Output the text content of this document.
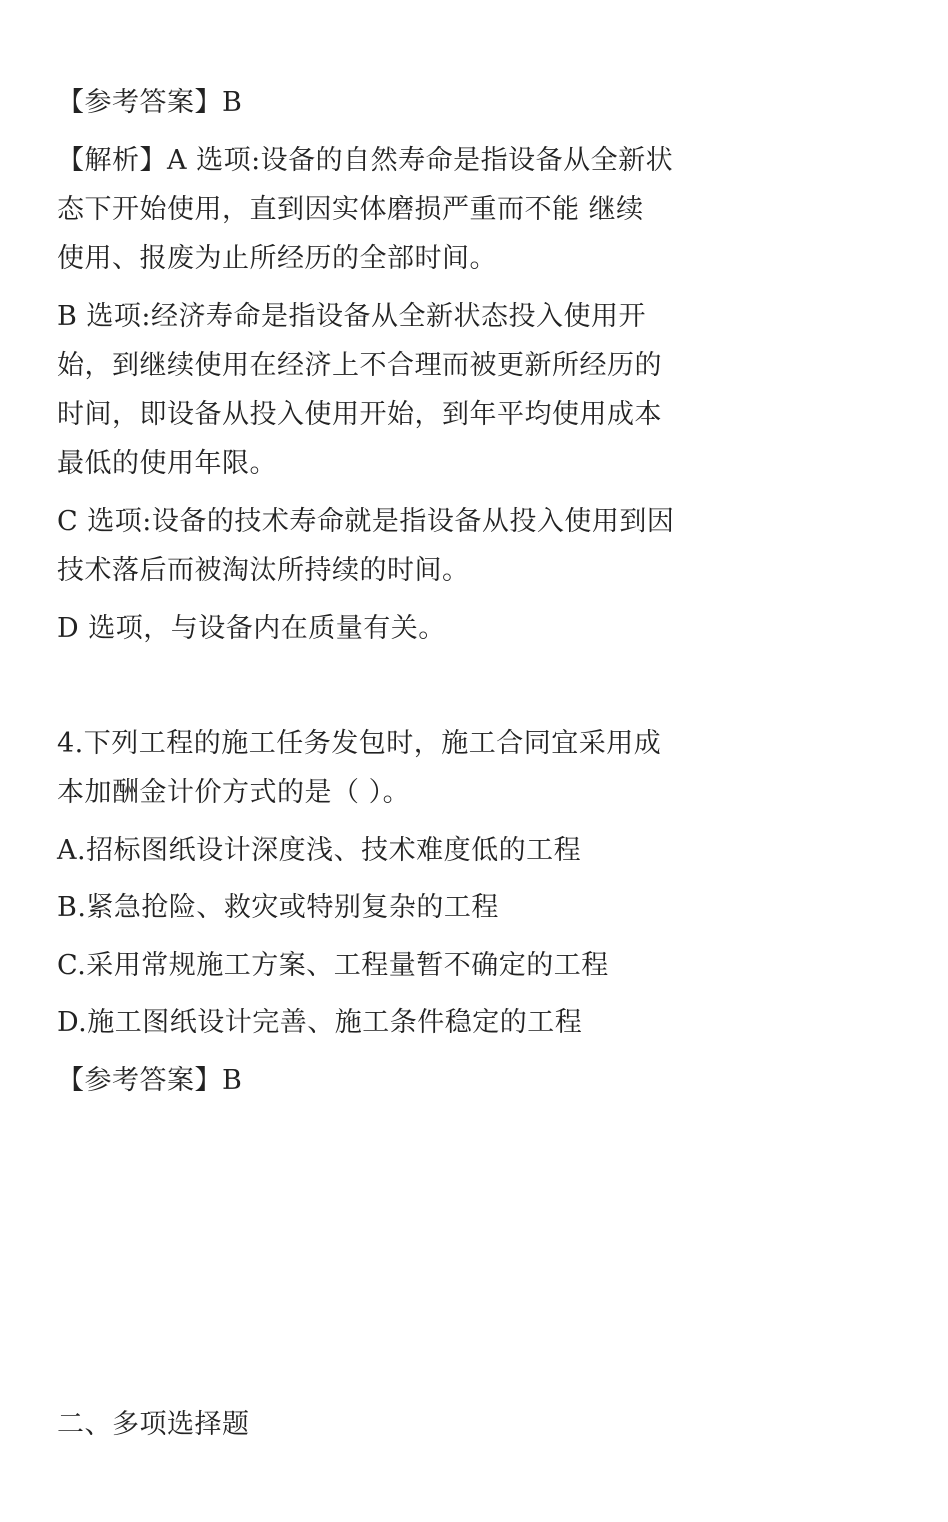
【参考答案】B
【解析】A 选项:设备的自然寿命是指设备从全新状
态下开始使用，直到因实体磨损严重而不能 继续
使用、报废为止所经历的全部时间。
B 选项:经济寿命是指设备从全新状态投入使用开
始，到继续使用在经济上不合理而被更新所经历的
时间，即设备从投入使用开始，到年平均使用成本
最低的使用年限。
C 选项:设备的技术寿命就是指设备从投入使用到因
技术落后而被淘汰所持续的时间。
D 选项，与设备内在质量有关。
4.下列工程的施工任务发包时，施工合同宜采用成
本加酬金计价方式的是（ ）。
A.招标图纸设计深度浅、技术难度低的工程
B.紧急抢险、救灾或特别复杂的工程
C.采用常规施工方案、工程量暂不确定的工程
D.施工图纸设计完善、施工条件稳定的工程
【参考答案】B
二、多项选择题
